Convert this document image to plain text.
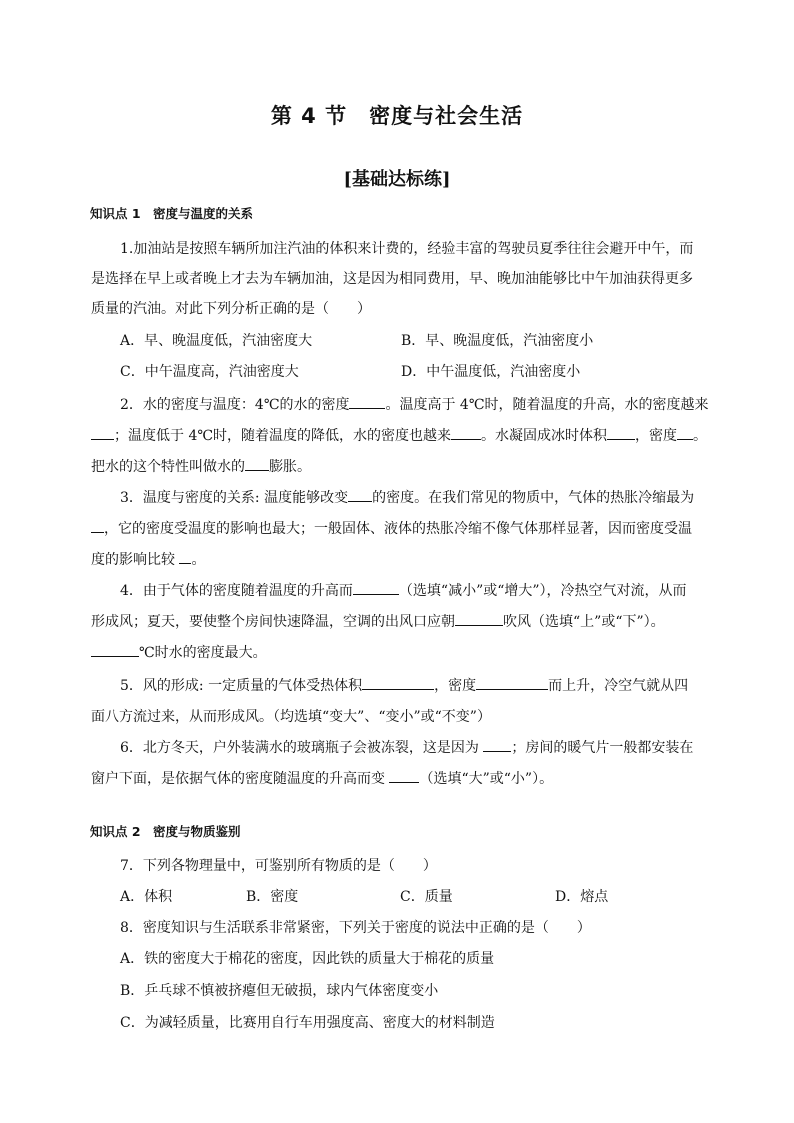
第 4 节　密度与社会生活
[基础达标练]
知识点 1　密度与温度的关系
1.加油站是按照车辆所加注汽油的体积来计费的，经验丰富的驾驶员夏季往往会避开中午，而
是选择在早上或者晚上才去为车辆加油，这是因为相同费用，早、晚加油能够比中午加油获得更多
质量的汽油。对此下列分析正确的是（　　）
A．早、晚温度低，汽油密度大	B．早、晚温度低，汽油密度小
C．中午温度高，汽油密度大	D．中午温度低，汽油密度小
2．水的密度与温度：4℃的水的密度	。温度高于 4℃时，随着温度的升高，水的密度越来
；温度低于 4℃时，随着温度的降低，水的密度也越来 。水凝固成冰时体积 ，密度 。
把水的这个特性叫做水的 膨胀。
3．温度与密度的关系: 温度能够改变 的密度。在我们常见的物质中，气体的热胀冷缩最为
，它的密度受温度的影响也最大；一般固体、液体的热胀冷缩不像气体那样显著，因而密度受温
度的影响比较 。
4．由于气体的密度随着温度的升高而	（选填“减小”或“增大”），冷热空气对流，从而
形成风；夏天，要使整个房间快速降温，空调的出风口应朝	吹风（选填“上”或“下”）。
℃时水的密度最大。
5．风的形成: 一定质量的气体受热体积	，密度	而上升，冷空气就从四
面八方流过来，从而形成风。（均选填“变大”、“变小”或“不变”）
6．北方冬天，户外装满水的玻璃瓶子会被冻裂，这是因为 ；房间的暖气片一般都安装在
窗户下面，是依据气体的密度随温度的升高而变 （选填“大”或“小”）。
知识点 2　密度与物质鉴别
7．下列各物理量中，可鉴别所有物质的是（　　）
A．体积	B．密度	C．质量	D．熔点
8．密度知识与生活联系非常紧密，下列关于密度的说法中正确的是（　　）
A．铁的密度大于棉花的密度，因此铁的质量大于棉花的质量
B．乒乓球不慎被挤瘪但无破损，球内气体密度变小
C．为减轻质量，比赛用自行车用强度高、密度大的材料制造
